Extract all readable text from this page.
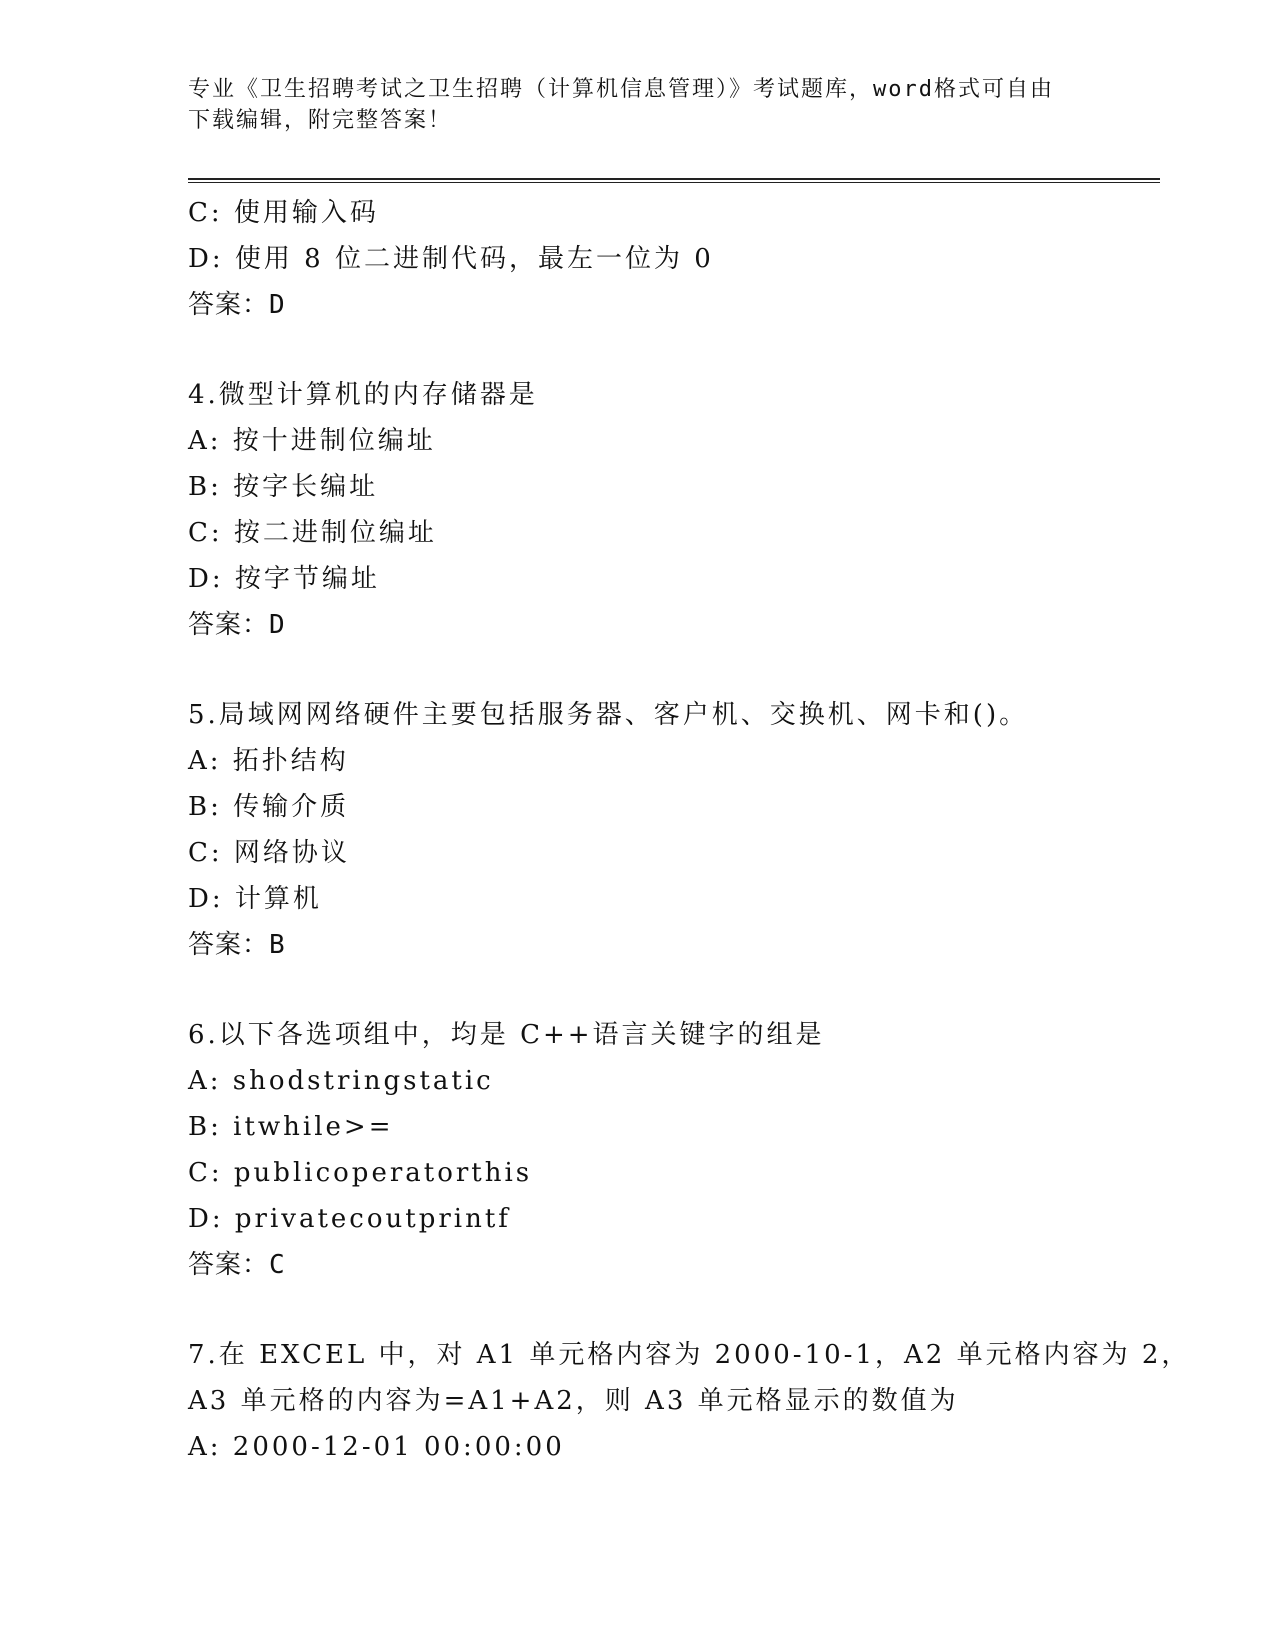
专业《卫生招聘考试之卫生招聘（计算机信息管理）》考试题库，word格式可自由下载编辑，附完整答案！
C: 使用输入码
D: 使用 8 位二进制代码，最左一位为 0
答案：D
4.微型计算机的内存储器是
A: 按十进制位编址
B: 按字长编址
C: 按二进制位编址
D: 按字节编址
答案：D
5.局域网网络硬件主要包括服务器、客户机、交换机、网卡和()。
A: 拓扑结构
B: 传输介质
C: 网络协议
D: 计算机
答案：B
6.以下各选项组中，均是 C++语言关键字的组是
A: shodstringstatic
B: itwhile>=
C: publicoperatorthis
D: privatecoutprintf
答案：C
7.在 EXCEL 中，对 A1 单元格内容为 2000-10-1，A2 单元格内容为 2，
A3 单元格的内容为=A1+A2，则 A3 单元格显示的数值为
A: 2000-12-01 00:00:00
